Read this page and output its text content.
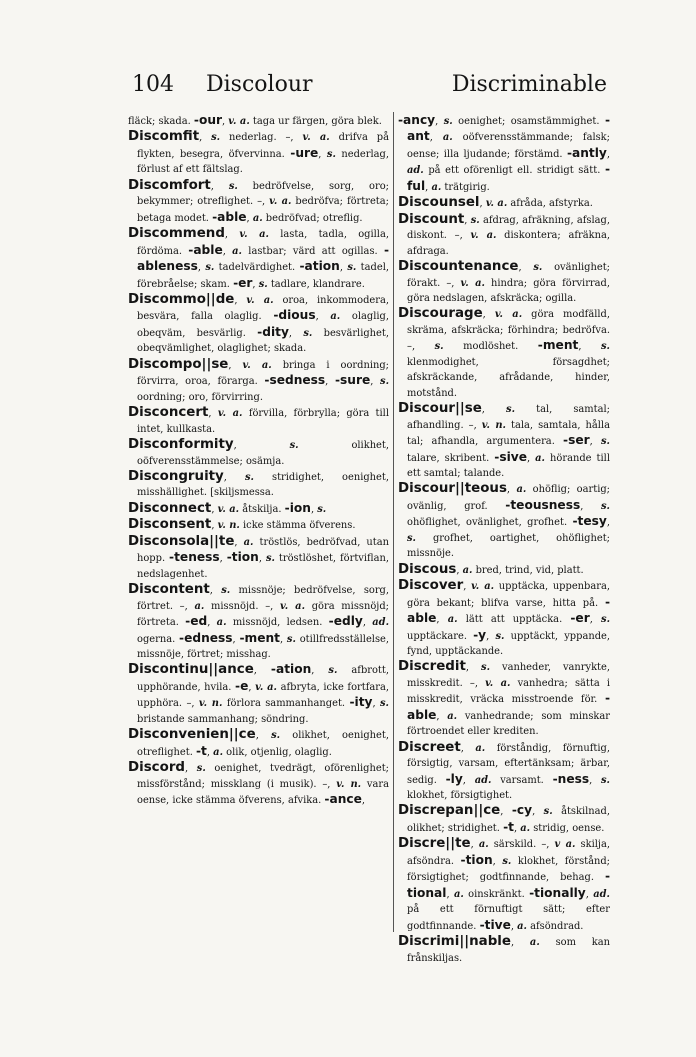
104 Discolour	Discriminable

fläck; skada. -our, v. a. taga ur färgen, göra blek.

Discomfit, s. nederlag. –, v. a. drifva på flykten, besegra, öfvervinna. -ure, s. nederlag, förlust af ett fältslag.

Discomfort, s. bedröfvelse, sorg, oro; bekymmer; otreflighet. –, v. a. bedröfva; förtreta; betaga modet. -able, a. bedröfvad; otreflig.

Discommend, v. a. lasta, tadla, ogilla, fördöma. -able, a. lastbar; värd att ogillas. -ableness, s. tadelvärdighet. -ation, s. tadel, förebråelse; skam. -er, s. tadlare, klandrare.

Discommo||de, v. a. oroa, inkommodera, besvära, falla olaglig. -dious, a. olaglig, obeqväm, besvärlig. -dity, s. besvärlighet, obeqvämlighet, olaglighet; skada.

Discompo||se, v. a. bringa i oordning; förvirra, oroa, förarga. -sedness, -sure, s. oordning; oro, förvirring.

Disconcert, v. a. förvilla, förbrylla; göra till intet, kullkasta.

Disconformity, s. olikhet, oöfverensstämmelse; osämja.

Discongruity, s. stridighet, oenighet, misshällighet. [skiljsmessa.

Disconnect, v. a. åtskilja. -ion, s.

Disconsent, v. n. icke stämma öfverens.

Disconsola||te, a. tröstlös, bedröfvad, utan hopp. -teness, -tion, s. tröstlöshet, förtviflan, nedslagenhet.

Discontent, s. missnöje; bedröfvelse, sorg, förtret. –, a. missnöjd. –, v. a. göra missnöjd; förtreta. -ed, a. missnöjd, ledsen. -edly, ad. ogerna. -edness, -ment, s. otillfredsställelse, missnöje, förtret; misshag.

Discontinu||ance, -ation, s. afbrott, upphörande, hvila. -e, v. a. afbryta, icke fortfara, upphöra. –, v. n. förlora sammanhanget. -ity, s. bristande sammanhang; söndring.

Disconvenien||ce, s. olikhet, oenighet, otreflighet. -t, a. olik, otjenlig, olaglig.

Discord, s. oenighet, tvedrägt, oförenlighet; missförstånd; missklang (i musik). –, v. n. vara oense, icke stämma öfverens, afvika. -ance,

-ancy, s. oenighet; osamstämmighet. -ant, a. oöfverensstämmande; falsk; oense; illa ljudande; förstämd. -antly, ad. på ett oförenligt ell. stridigt sätt. -ful, a. trätgirig.

Discounsel, v. a. afråda, afstyrka.

Discount, s. afdrag, afräkning, afslag, diskont. –, v. a. diskontera; afräkna, afdraga.

Discountenance, s. ovänlighet; förakt. –, v. a. hindra; göra förvirrad, göra nedslagen, afskräcka; ogilla.

Discourage, v. a. göra modfälld, skräma, afskräcka; förhindra; bedröfva. –, s. modlöshet. -ment, s. klenmodighet, försagdhet; afskräckande, afrådande, hinder, motstånd.

Discour||se, s. tal, samtal; afhandling. –, v. n. tala, samtala, hålla tal; afhandla, argumentera. -ser, s. talare, skribent. -sive, a. hörande till ett samtal; talande.

Discour||teous, a. ohöflig; oartig; ovänlig, grof. -teousness, s. ohöflighet, ovänlighet, grofhet. -tesy, s. grofhet, oartighet, ohöflighet; missnöje.

Discous, a. bred, trind, vid, platt.

Discover, v. a. upptäcka, uppenbara, göra bekant; blifva varse, hitta på. -able, a. lätt att upptäcka. -er, s. upptäckare. -y, s. upptäckt, yppande, fynd, upptäckande.

Discredit, s. vanheder, vanrykte, misskredit. –, v. a. vanhedra; sätta i misskredit, vräcka misstroende för. -able, a. vanhedrande; som minskar förtroendet eller krediten.

Discreet, a. förståndig, förnuftig, försigtig, varsam, eftertänksam; ärbar, sedig. -ly, ad. varsamt. -ness, s. klokhet, försigtighet.

Discrepan||ce, -cy, s. åtskilnad, olikhet; stridighet. -t, a. stridig, oense.

Discre||te, a. särskild. –, v a. skilja, afsöndra. -tion, s. klokhet, förstånd; försigtighet; godtfinnande, behag. -tional, a. oinskränkt. -tionally, ad. på ett förnuftigt sätt; efter godtfinnande. -tive, a. afsöndrad.

Discrimi||nable, a. som kan frånskiljas.
